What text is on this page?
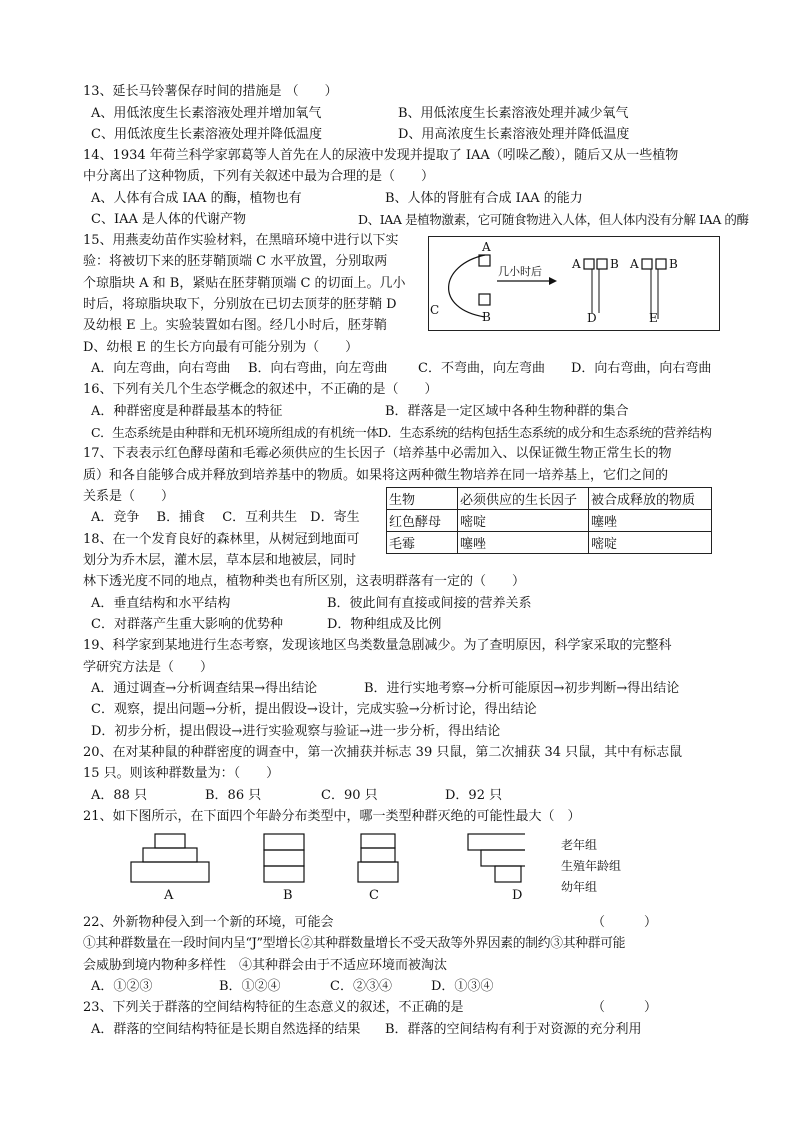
13、延长马铃薯保存时间的措施是 （　　）
A、用低浓度生长素溶液处理并增加氧气	B、用低浓度生长素溶液处理并减少氧气
C、用低浓度生长素溶液处理并降低温度	D、用高浓度生长素溶液处理并降低温度
14、1934 年荷兰科学家郭葛等人首先在人的尿液中发现并提取了 IAA（吲哚乙酸），随后又从一些植物
中分离出了这种物质，下列有关叙述中最为合理的是（　　）
A、人体有合成 IAA 的酶，植物也有	B、人体的肾脏有合成 IAA 的能力
C、IAA 是人体的代谢产物	D、IAA 是植物激素，它可随食物进入人体，但人体内没有分解 IAA 的酶
15、用燕麦幼苗作实验材料，在黑暗环境中进行以下实
验：将被切下来的胚芽鞘顶端 C 水平放置，分别取两
个琼脂块 A 和 B，紧贴在胚芽鞘顶端 C 的切面上。几小
时后，将琼脂块取下，分别放在已切去顶芽的胚芽鞘 D
及幼根 E 上。实验装置如右图。经几小时后，胚芽鞘
D、幼根 E 的生长方向最有可能分别为（　　）
A．向左弯曲，向右弯曲 B．向右弯曲，向左弯曲 C．不弯曲，向左弯曲 D．向右弯曲，向右弯曲
A
B
C
几小时后
A B
D
A	B
E
16、下列有关几个生态学概念的叙述中，不正确的是（　　）
A．种群密度是种群最基本的特征	B．群落是一定区域中各种生物种群的集合
C．生态系统是由种群和无机环境所组成的有机统一体 D．生态系统的结构包括生态系统的成分和生态系统的营养结构
17、下表表示红色酵母菌和毛霉必须供应的生长因子（培养基中必需加入、以保证微生物正常生长的物
质）和各自能够合成并释放到培养基中的物质。如果将这两种微生物培养在同一培养基上，它们之间的
关系是（　　）
A．竞争　 B．捕食　 C．互利共生　D．寄生
生物	必须供应的生长因子	被合成释放的物质
红色酵母	嘧啶	噻唑
毛霉	噻唑	嘧啶
18、在一个发育良好的森林里，从树冠到地面可
划分为乔木层，灌木层，草本层和地被层，同时
林下透光度不同的地点，植物种类也有所区别，这表明群落有一定的（　　）
A．垂直结构和水平结构	B．彼此间有直接或间接的营养关系
C．对群落产生重大影响的优势种	D．物种组成及比例
19、科学家到某地进行生态考察，发现该地区鸟类数量急剧减少。为了查明原因，科学家采取的完整科
学研究方法是（　　）
A．通过调查→分析调查结果→得出结论	B．进行实地考察→分析可能原因→初步判断→得出结论
C．观察，提出问题→分析，提出假设→设计，完成实验→分析讨论，得出结论
D．初步分析，提出假设→进行实验观察与验证→进一步分析，得出结论
20、在对某种鼠的种群密度的调查中，第一次捕获并标志 39 只鼠，第二次捕获 34 只鼠，其中有标志鼠
15 只。则该种群数量为：（　　）
A．88 只	B．86 只	C．90 只	D．92 只
21、如下图所示，在下面四个年龄分布类型中，哪一类型种群灭绝的可能性最大（　）
A	B	C	D
老年组
生殖年龄组
幼年组
22、外新物种侵入到一个新的环境，可能会	（　　　）
①其种群数量在一段时间内呈“J”型增长②其种群数量增长不受天敌等外界因素的制约③其种群可能
会威胁到境内物种多样性　④其种群会由于不适应环境而被淘汰
A．①②③	B．①②④	C．②③④	D．①③④
23、下列关于群落的空间结构特征的生态意义的叙述，不正确的是	（　　　）
A．群落的空间结构特征是长期自然选择的结果 B．群落的空间结构有利于对资源的充分利用
